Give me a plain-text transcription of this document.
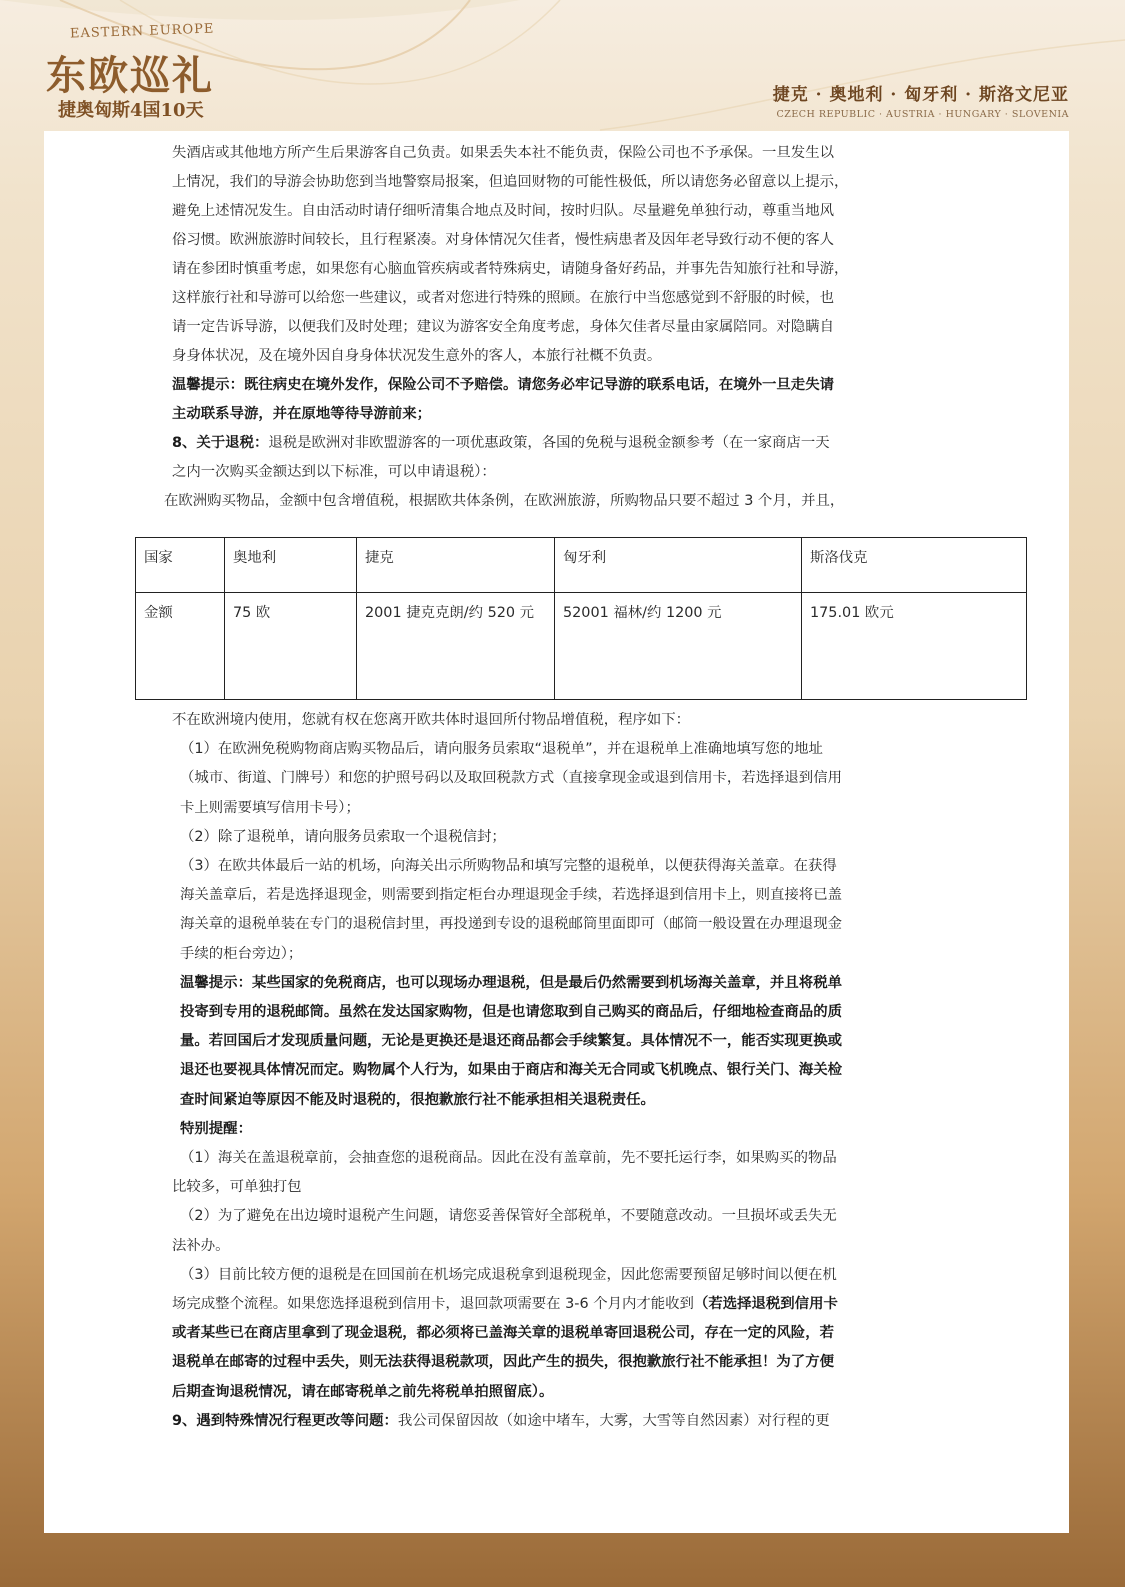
EASTERN EUROPE
东欧巡礼
捷奥匈斯4国10天
捷克 · 奥地利 · 匈牙利 · 斯洛文尼亚
CZECH REPUBLIC · AUSTRIA · HUNGARY · SLOVENIA

失酒店或其他地方所产生后果游客自己负责。如果丢失本社不能负责，保险公司也不予承保。一旦发生以

上情况，我们的导游会协助您到当地警察局报案，但追回财物的可能性极低，所以请您务必留意以上提示，

避免上述情况发生。自由活动时请仔细听清集合地点及时间，按时归队。尽量避免单独行动，尊重当地风

俗习惯。欧洲旅游时间较长，且行程紧凑。对身体情况欠佳者，慢性病患者及因年老导致行动不便的客人

请在参团时慎重考虑，如果您有心脑血管疾病或者特殊病史，请随身备好药品，并事先告知旅行社和导游，

这样旅行社和导游可以给您一些建议，或者对您进行特殊的照顾。在旅行中当您感觉到不舒服的时候，也

请一定告诉导游，以便我们及时处理；建议为游客安全角度考虑，身体欠佳者尽量由家属陪同。对隐瞒自

身身体状况，及在境外因自身身体状况发生意外的客人，本旅行社概不负责。

温馨提示：既往病史在境外发作，保险公司不予赔偿。请您务必牢记导游的联系电话，在境外一旦走失请

主动联系导游，并在原地等待导游前来；

8、关于退税：退税是欧洲对非欧盟游客的一项优惠政策，各国的免税与退税金额参考（在一家商店一天

之内一次购买金额达到以下标准，可以申请退税）：

在欧洲购买物品，金额中包含增值税，根据欧共体条例，在欧洲旅游，所购物品只要不超过 3 个月，并且，

国家	奥地利	捷克	匈牙利	斯洛伐克
金额	75 欧	2001 捷克克朗/约 520 元	52001 福林/约 1200 元	175.01 欧元

不在欧洲境内使用，您就有权在您离开欧共体时退回所付物品增值税，程序如下：

（1）在欧洲免税购物商店购买物品后，请向服务员索取“退税单”，并在退税单上准确地填写您的地址

（城市、街道、门牌号）和您的护照号码以及取回税款方式（直接拿现金或退到信用卡，若选择退到信用

卡上则需要填写信用卡号）；

（2）除了退税单，请向服务员索取一个退税信封；

（3）在欧共体最后一站的机场，向海关出示所购物品和填写完整的退税单，以便获得海关盖章。在获得

海关盖章后，若是选择退现金，则需要到指定柜台办理退现金手续，若选择退到信用卡上，则直接将已盖

海关章的退税单装在专门的退税信封里，再投递到专设的退税邮筒里面即可（邮筒一般设置在办理退现金

手续的柜台旁边）；

温馨提示：某些国家的免税商店，也可以现场办理退税，但是最后仍然需要到机场海关盖章，并且将税单

投寄到专用的退税邮筒。虽然在发达国家购物，但是也请您取到自己购买的商品后，仔细地检查商品的质

量。若回国后才发现质量问题，无论是更换还是退还商品都会手续繁复。具体情况不一，能否实现更换或

退还也要视具体情况而定。购物属个人行为，如果由于商店和海关无合同或飞机晚点、银行关门、海关检

查时间紧迫等原因不能及时退税的，很抱歉旅行社不能承担相关退税责任。

特别提醒：

（1）海关在盖退税章前，会抽查您的退税商品。因此在没有盖章前，先不要托运行李，如果购买的物品

比较多，可单独打包

（2）为了避免在出边境时退税产生问题，请您妥善保管好全部税单，不要随意改动。一旦损坏或丢失无

法补办。

（3）目前比较方便的退税是在回国前在机场完成退税拿到退税现金，因此您需要预留足够时间以便在机

场完成整个流程。如果您选择退税到信用卡，退回款项需要在 3-6 个月内才能收到（若选择退税到信用卡

或者某些已在商店里拿到了现金退税，都必须将已盖海关章的退税单寄回退税公司，存在一定的风险，若

退税单在邮寄的过程中丢失，则无法获得退税款项，因此产生的损失，很抱歉旅行社不能承担！为了方便

后期查询退税情况，请在邮寄税单之前先将税单拍照留底）。

9、遇到特殊情况行程更改等问题：我公司保留因故（如途中堵车，大雾，大雪等自然因素）对行程的更
